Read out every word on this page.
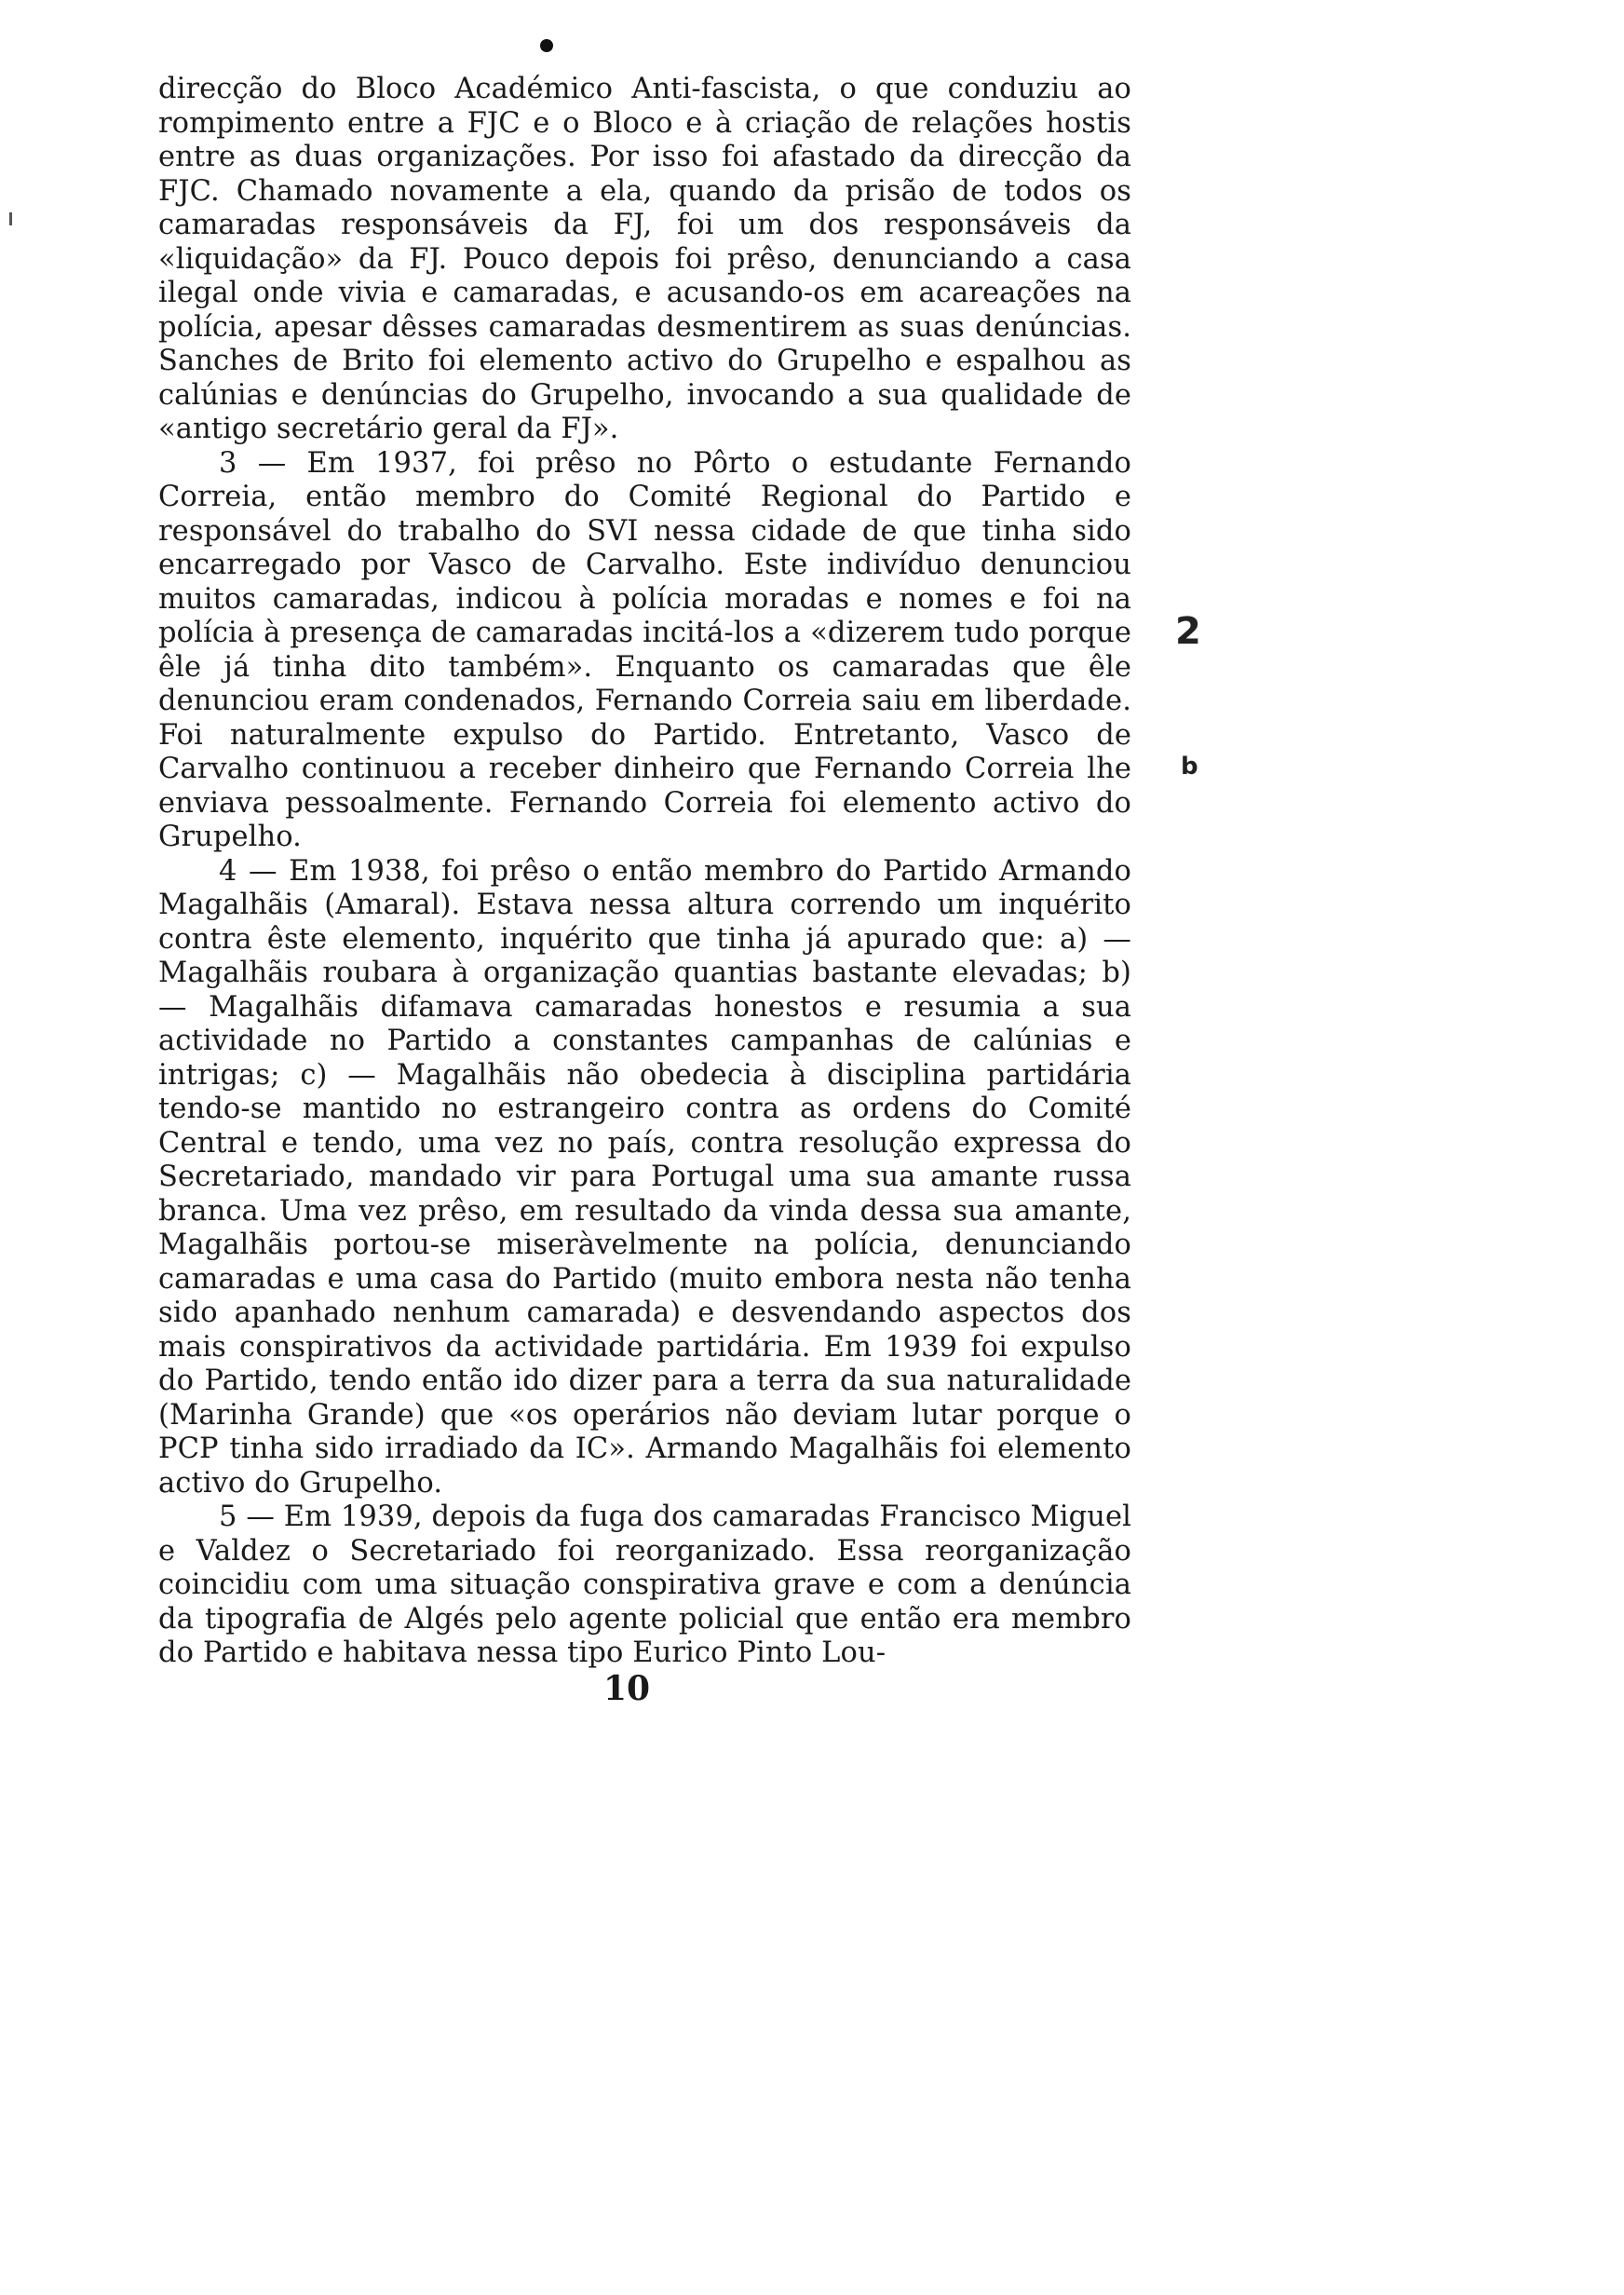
direcção do Bloco Académico Anti-fascista, o que conduziu ao rompimento entre a FJC e o Bloco e à criação de relações hostis entre as duas organizações. Por isso foi afastado da direcção da FJC. Chamado novamente a ela, quando da prisão de todos os camaradas responsáveis da FJ, foi um dos responsáveis da «liquidação» da FJ. Pouco depois foi prêso, denunciando a casa ilegal onde vivia e camaradas, e acusando-os em acareações na polícia, apesar dêsses camaradas desmentirem as suas denúncias. Sanches de Brito foi elemento activo do Grupelho e espalhou as calúnias e denúncias do Grupelho, invocando a sua qualidade de «antigo secretário geral da FJ».

3 — Em 1937, foi prêso no Pôrto o estudante Fernando Correia, então membro do Comité Regional do Partido e responsável do trabalho do SVI nessa cidade de que tinha sido encarregado por Vasco de Carvalho. Este indivíduo denunciou muitos camaradas, indicou à polícia moradas e nomes e foi na polícia à presença de camaradas incitá-los a «dizerem tudo porque êle já tinha dito também». Enquanto os camaradas que êle denunciou eram condenados, Fernando Correia saiu em liberdade. Foi naturalmente expulso do Partido. Entretanto, Vasco de Carvalho continuou a receber dinheiro que Fernando Correia lhe enviava pessoalmente. Fernando Correia foi elemento activo do Grupelho.

4 — Em 1938, foi prêso o então membro do Partido Armando Magalhãis (Amaral). Estava nessa altura correndo um inquérito contra êste elemento, inquérito que tinha já apurado que: a) — Magalhãis roubara à organização quantias bastante elevadas; b) — Magalhãis difamava camaradas honestos e resumia a sua actividade no Partido a constantes campanhas de calúnias e intrigas; c) — Magalhãis não obedecia à disciplina partidária tendo-se mantido no estrangeiro contra as ordens do Comité Central e tendo, uma vez no país, contra resolução expressa do Secretariado, mandado vir para Portugal uma sua amante russa branca. Uma vez prêso, em resultado da vinda dessa sua amante, Magalhãis portou-se miseràvelmente na polícia, denunciando camaradas e uma casa do Partido (muito embora nesta não tenha sido apanhado nenhum camarada) e desvendando aspectos dos mais conspirativos da actividade partidária. Em 1939 foi expulso do Partido, tendo então ido dizer para a terra da sua naturalidade (Marinha Grande) que «os operários não deviam lutar porque o PCP tinha sido irradiado da IC». Armando Magalhãis foi elemento activo do Grupelho.

5 — Em 1939, depois da fuga dos camaradas Francisco Miguel e Valdez o Secretariado foi reorganizado. Essa reorganização coincidiu com uma situação conspirativa grave e com a denúncia da tipografia de Algés pelo agente policial que então era membro do Partido e habitava nessa tipo Eurico Pinto Lou-

2
b
10
